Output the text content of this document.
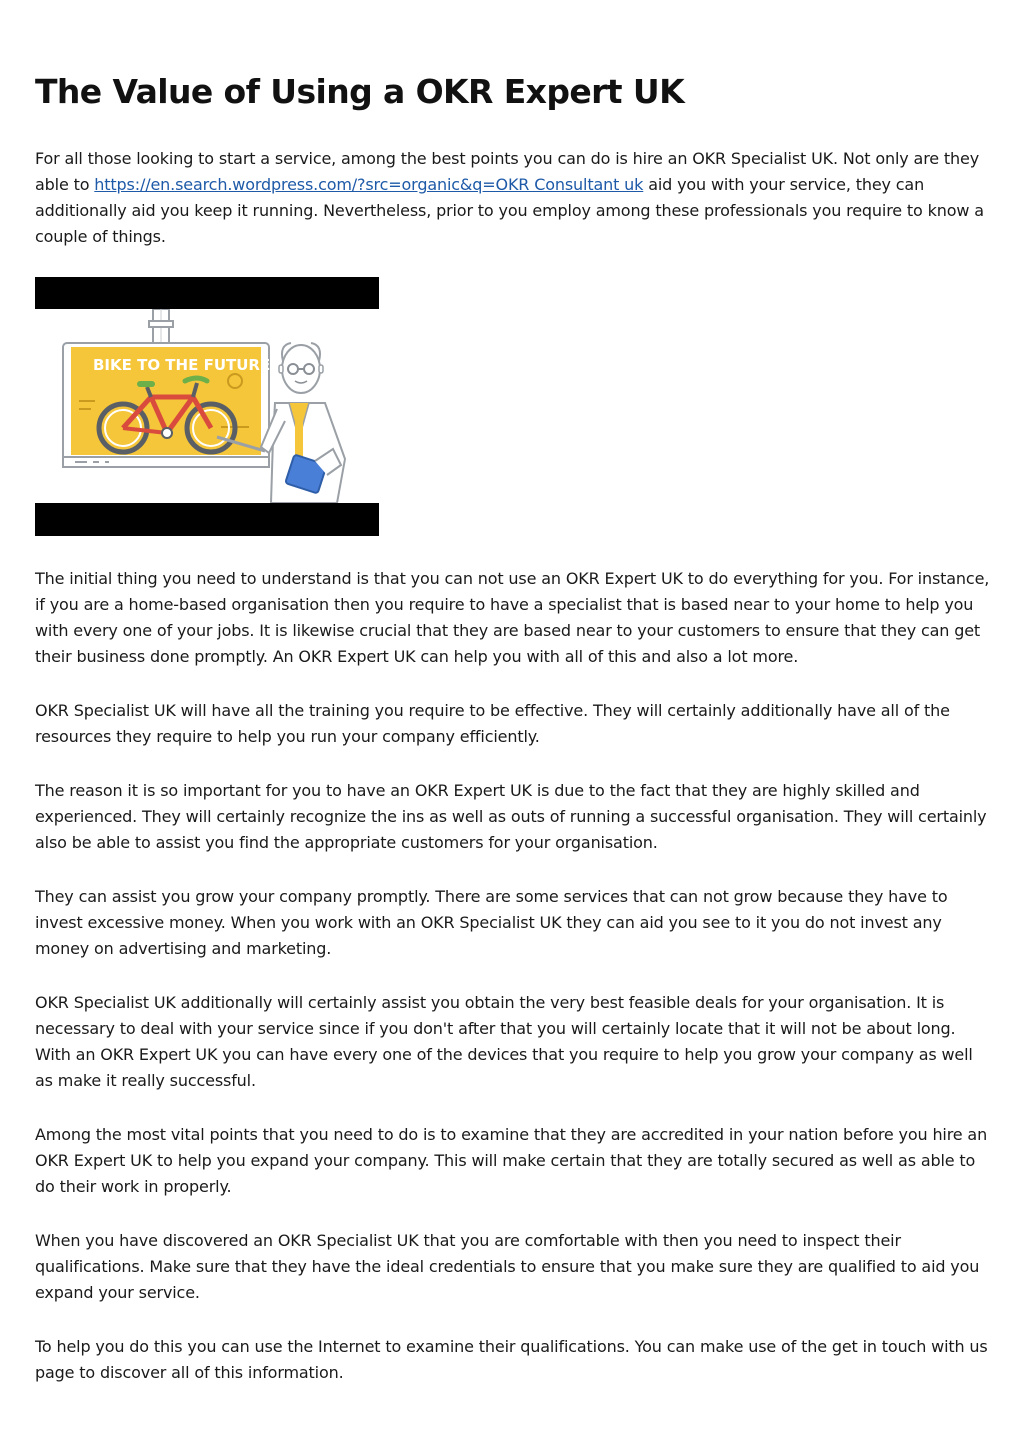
The Value of Using a OKR Expert UK

For all those looking to start a service, among the best points you can do is hire an OKR Specialist UK. Not only are they able to https://en.search.wordpress.com/?src=organic&q=OKR Consultant uk aid you with your service, they can additionally aid you keep it running. Nevertheless, prior to you employ among these professionals you require to know a couple of things.

BIKE TO THE FUTURE

The initial thing you need to understand is that you can not use an OKR Expert UK to do everything for you. For instance, if you are a home-based organisation then you require to have a specialist that is based near to your home to help you with every one of your jobs. It is likewise crucial that they are based near to your customers to ensure that they can get their business done promptly. An OKR Expert UK can help you with all of this and also a lot more.

OKR Specialist UK will have all the training you require to be effective. They will certainly additionally have all of the resources they require to help you run your company efficiently.

The reason it is so important for you to have an OKR Expert UK is due to the fact that they are highly skilled and experienced. They will certainly recognize the ins as well as outs of running a successful organisation. They will certainly also be able to assist you find the appropriate customers for your organisation.

They can assist you grow your company promptly. There are some services that can not grow because they have to invest excessive money. When you work with an OKR Specialist UK they can aid you see to it you do not invest any money on advertising and marketing.

OKR Specialist UK additionally will certainly assist you obtain the very best feasible deals for your organisation. It is necessary to deal with your service since if you don't after that you will certainly locate that it will not be about long. With an OKR Expert UK you can have every one of the devices that you require to help you grow your company as well as make it really successful.

Among the most vital points that you need to do is to examine that they are accredited in your nation before you hire an OKR Expert UK to help you expand your company. This will make certain that they are totally secured as well as able to do their work in properly.

When you have discovered an OKR Specialist UK that you are comfortable with then you need to inspect their qualifications. Make sure that they have the ideal credentials to ensure that you make sure they are qualified to aid you expand your service.

To help you do this you can use the Internet to examine their qualifications. You can make use of the get in touch with us page to discover all of this information.
